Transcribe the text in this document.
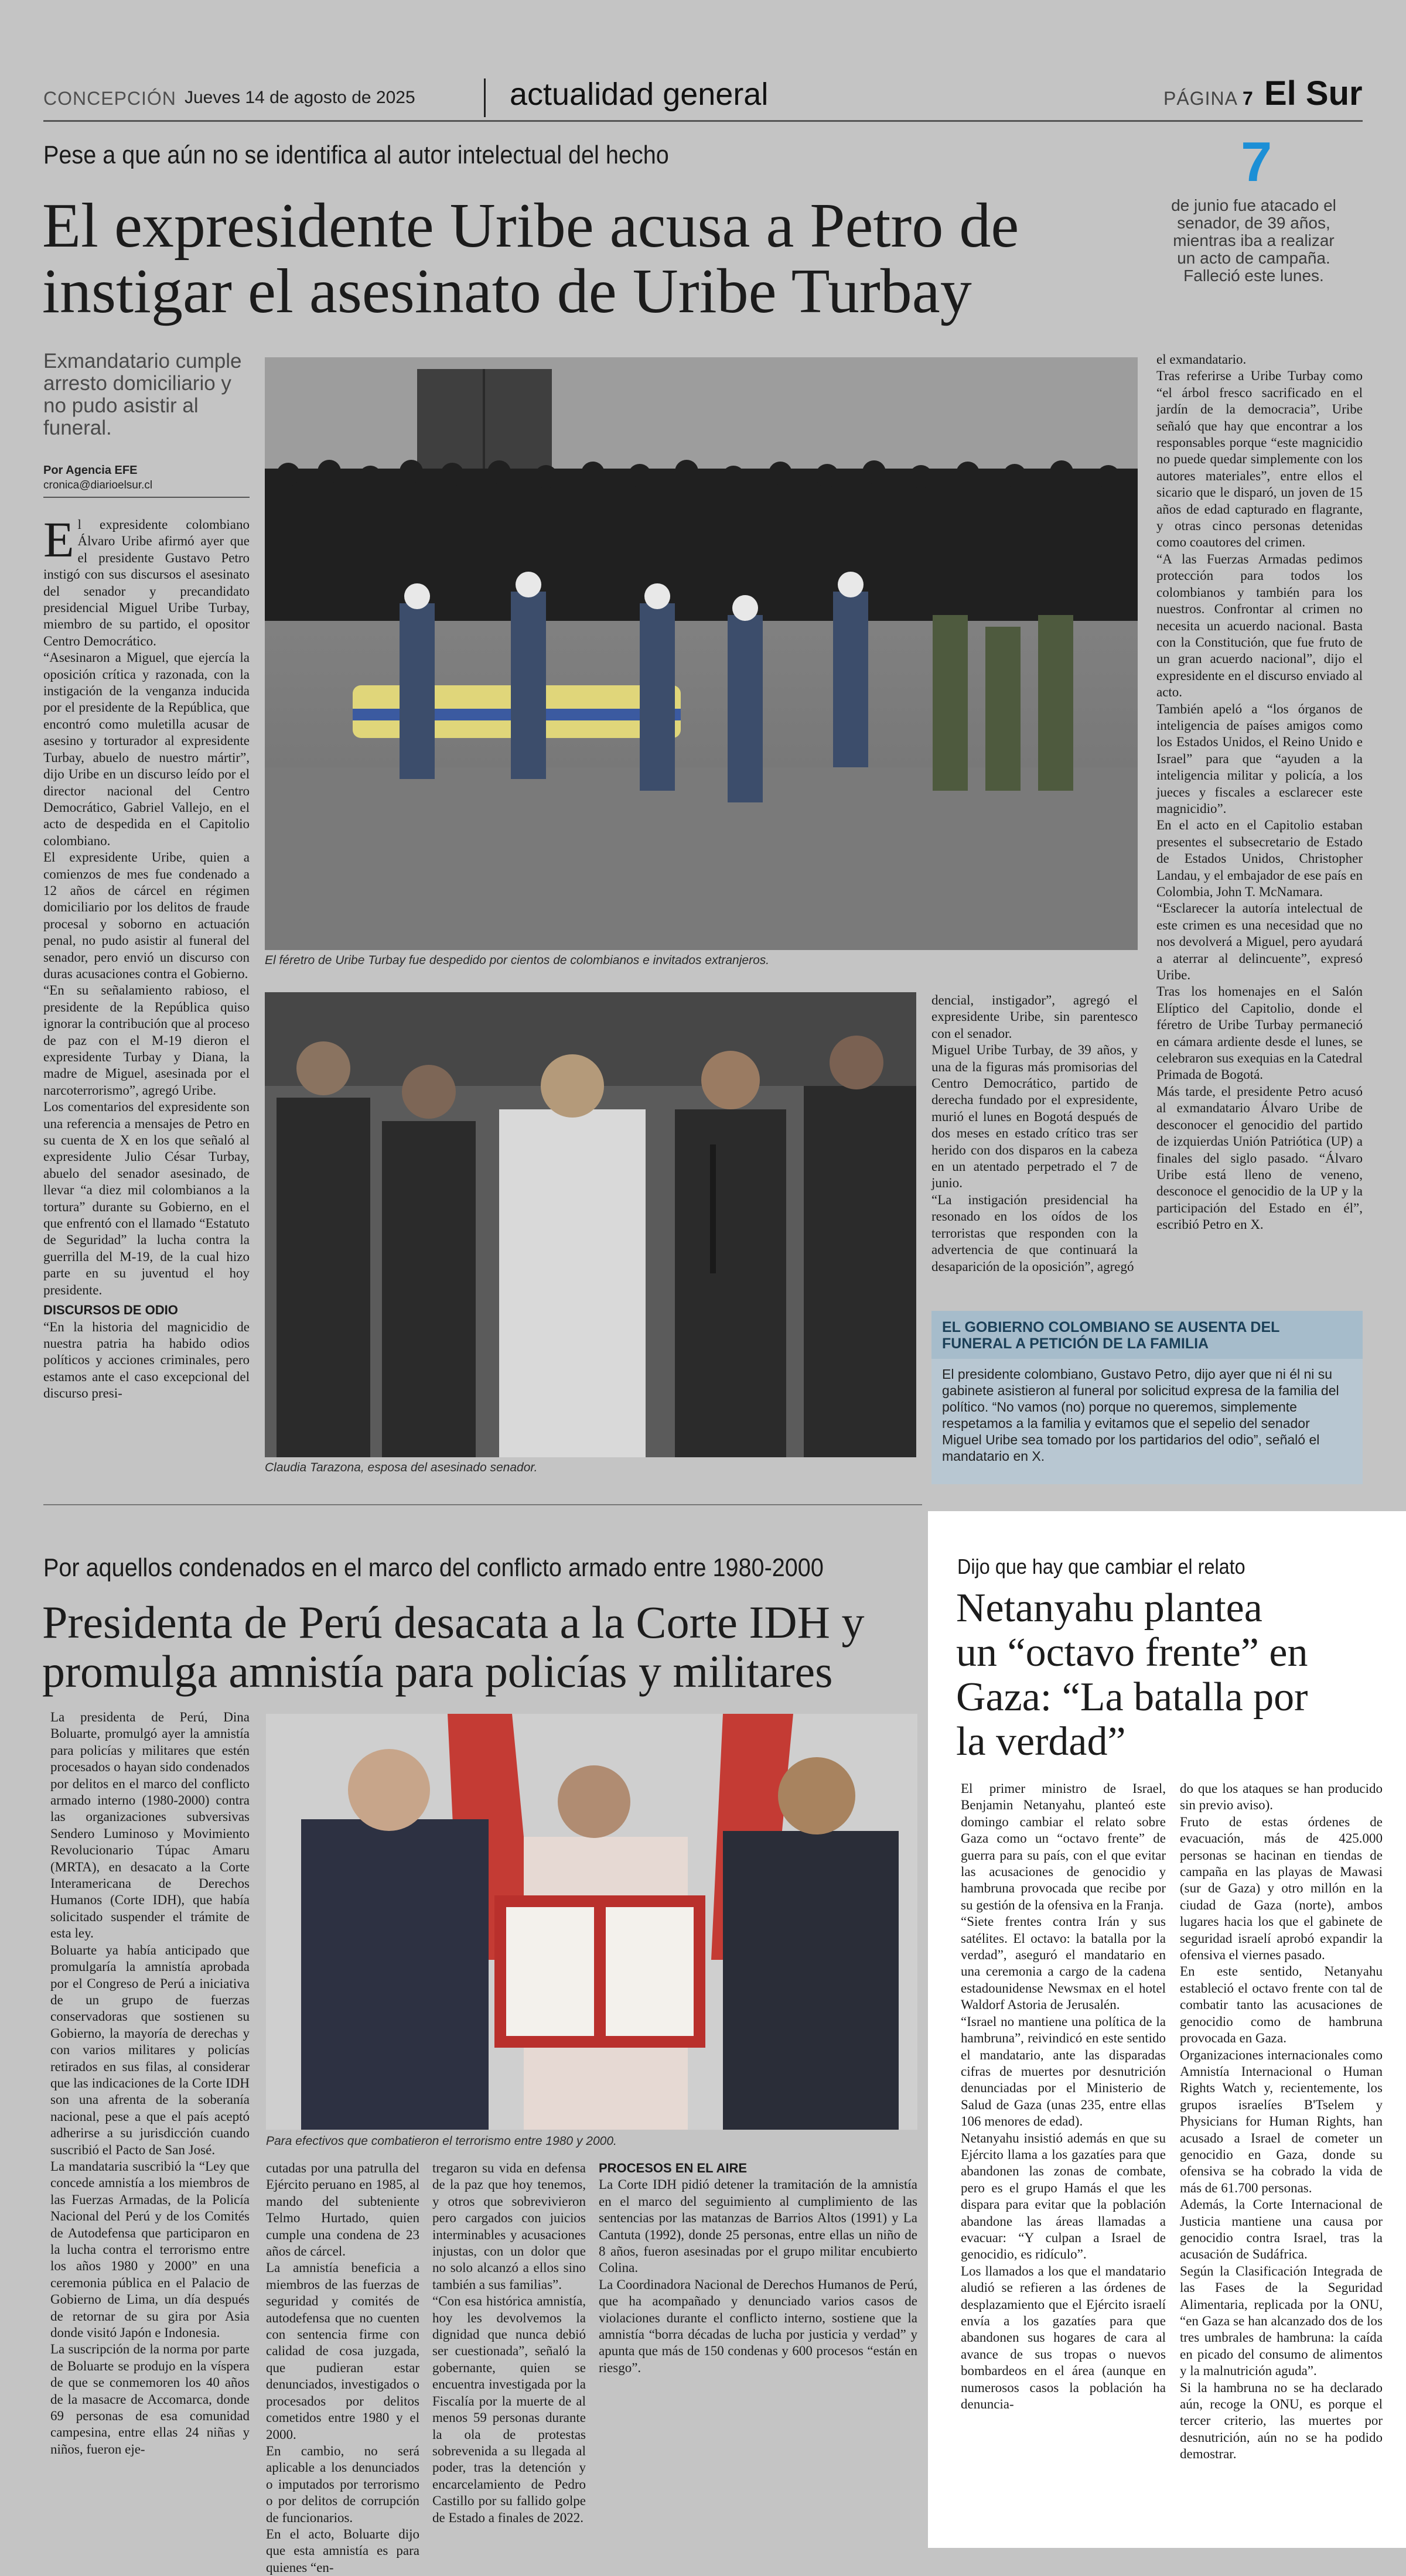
CONCEPCIÓN Jueves 14 de agosto de 2025	actualidad general	PÁGINA 7 El Sur
Pese a que aún no se identifica al autor intelectual del hecho
El expresidente Uribe acusa a Petro de
instigar el asesinato de Uribe Turbay
7
de junio fue atacado el senador, de 39 años, mientras iba a realizar un acto de campaña. Falleció este lunes.
Exmandatario cumple arresto domiciliario y no pudo asistir al funeral.
Por Agencia EFE
cronica@diarioelsur.cl

El expresidente colombiano Álvaro Uribe afirmó ayer que el presidente Gustavo Petro instigó con sus discursos el asesinato del senador y precandidato presidencial Miguel Uribe Turbay, miembro de su partido, el opositor Centro Democrático.

“Asesinaron a Miguel, que ejercía la oposición crítica y razonada, con la instigación de la venganza inducida por el presidente de la República, que encontró como muletilla acusar de asesino y torturador al expresidente Turbay, abuelo de nuestro mártir”, dijo Uribe en un discurso leído por el director nacional del Centro Democrático, Gabriel Vallejo, en el acto de despedida en el Capitolio colombiano.

El expresidente Uribe, quien a comienzos de mes fue condenado a 12 años de cárcel en régimen domiciliario por los delitos de fraude procesal y soborno en actuación penal, no pudo asistir al funeral del senador, pero envió un discurso con duras acusaciones contra el Gobierno.

“En su señalamiento rabioso, el presidente de la República quiso ignorar la contribución que al proceso de paz con el M-19 dieron el expresidente Turbay y Diana, la madre de Miguel, asesinada por el narcoterrorismo”, agregó Uribe.

Los comentarios del expresidente son una referencia a mensajes de Petro en su cuenta de X en los que señaló al expresidente Julio César Turbay, abuelo del senador asesinado, de llevar “a diez mil colombianos a la tortura” durante su Gobierno, en el que enfrentó con el llamado “Estatuto de Seguridad” la lucha contra la guerrilla del M-19, de la cual hizo parte en su juventud el hoy presidente.

DISCURSOS DE ODIO

“En la historia del magnicidio de nuestra patria ha habido odios políticos y acciones criminales, pero estamos ante el caso excepcional del discurso presi-

El féretro de Uribe Turbay fue despedido por cientos de colombianos e invitados extranjeros.
Claudia Tarazona, esposa del asesinado senador.

dencial, instigador”, agregó el expresidente Uribe, sin parentesco con el senador.

Miguel Uribe Turbay, de 39 años, y una de la figuras más promisorias del Centro Democrático, partido de derecha fundado por el expresidente, murió el lunes en Bogotá después de dos meses en estado crítico tras ser herido con dos disparos en la cabeza en un atentado perpetrado el 7 de junio.

“La instigación presidencial ha resonado en los oídos de los terroristas que responden con la advertencia de que continuará la desaparición de la oposición”, agregó

el exmandatario.

Tras referirse a Uribe Turbay como “el árbol fresco sacrificado en el jardín de la democracia”, Uribe señaló que hay que encontrar a los responsables porque “este magnicidio no puede quedar simplemente con los autores materiales”, entre ellos el sicario que le disparó, un joven de 15 años de edad capturado en flagrante, y otras cinco personas detenidas como coautores del crimen.

“A las Fuerzas Armadas pedimos protección para todos los colombianos y también para los nuestros. Confrontar al crimen no necesita un acuerdo nacional. Basta con la Constitución, que fue fruto de un gran acuerdo nacional”, dijo el expresidente en el discurso enviado al acto.

También apeló a “los órganos de inteligencia de países amigos como los Estados Unidos, el Reino Unido e Israel” para que “ayuden a la inteligencia militar y policía, a los jueces y fiscales a esclarecer este magnicidio”.

En el acto en el Capitolio estaban presentes el subsecretario de Estado de Estados Unidos, Christopher Landau, y el embajador de ese país en Colombia, John T. McNamara.

“Esclarecer la autoría intelectual de este crimen es una necesidad que no nos devolverá a Miguel, pero ayudará a aterrar al delincuente”, expresó Uribe.

Tras los homenajes en el Salón Elíptico del Capitolio, donde el féretro de Uribe Turbay permaneció en cámara ardiente desde el lunes, se celebraron sus exequias en la Catedral Primada de Bogotá.

Más tarde, el presidente Petro acusó al exmandatario Álvaro Uribe de desconocer el genocidio del partido de izquierdas Unión Patriótica (UP) a finales del siglo pasado. “Álvaro Uribe está lleno de veneno, desconoce el genocidio de la UP y la participación del Estado en él”, escribió Petro en X.

EL GOBIERNO COLOMBIANO SE AUSENTA DEL FUNERAL A PETICIÓN DE LA FAMILIA
El presidente colombiano, Gustavo Petro, dijo ayer que ni él ni su gabinete asistieron al funeral por solicitud expresa de la familia del político. “No vamos (no) porque no queremos, simplemente respetamos a la familia y evitamos que el sepelio del senador Miguel Uribe sea tomado por los partidarios del odio”, señaló el mandatario en X.
Por aquellos condenados en el marco del conflicto armado entre 1980-2000
Presidenta de Perú desacata a la Corte IDH y
promulga amnistía para policías y militares

La presidenta de Perú, Dina Boluarte, promulgó ayer la amnistía para policías y militares que estén procesados o hayan sido condenados por delitos en el marco del conflicto armado interno (1980-2000) contra las organizaciones subversivas Sendero Luminoso y Movimiento Revolucionario Túpac Amaru (MRTA), en desacato a la Corte Interamericana de Derechos Humanos (Corte IDH), que había solicitado suspender el trámite de esta ley.

Boluarte ya había anticipado que promulgaría la amnistía aprobada por el Congreso de Perú a iniciativa de un grupo de fuerzas conservadoras que sostienen su Gobierno, la mayoría de derechas y con varios militares y policías retirados en sus filas, al considerar que las indicaciones de la Corte IDH son una afrenta de la soberanía nacional, pese a que el país aceptó adherirse a su jurisdicción cuando suscribió el Pacto de San José.

La mandataria suscribió la “Ley que concede amnistía a los miembros de las Fuerzas Armadas, de la Policía Nacional del Perú y de los Comités de Autodefensa que participaron en la lucha contra el terrorismo entre los años 1980 y 2000” en una ceremonia pública en el Palacio de Gobierno de Lima, un día después de retornar de su gira por Asia donde visitó Japón e Indonesia.

La suscripción de la norma por parte de Boluarte se produjo en la víspera de que se conmemoren los 40 años de la masacre de Accomarca, donde 69 personas de esa comunidad campesina, entre ellas 24 niñas y niños, fueron eje-

Para efectivos que combatieron el terrorismo entre 1980 y 2000.

cutadas por una patrulla del Ejército peruano en 1985, al mando del subteniente Telmo Hurtado, quien cumple una condena de 23 años de cárcel.

La amnistía beneficia a miembros de las fuerzas de seguridad y comités de autodefensa que no cuenten con sentencia firme con calidad de cosa juzgada, que pudieran estar denunciados, investigados o procesados por delitos cometidos entre 1980 y el 2000.

En cambio, no será aplicable a los denunciados o imputados por terrorismo o por delitos de corrupción de funcionarios.

En el acto, Boluarte dijo que esta amnistía es para quienes “en-

tregaron su vida en defensa de la paz que hoy tenemos, y otros que sobrevivieron pero cargados con juicios interminables y acusaciones injustas, con un dolor que no solo alcanzó a ellos sino también a sus familias”.

“Con esa histórica amnistía, hoy les devolvemos la dignidad que nunca debió ser cuestionada”, señaló la gobernante, quien se encuentra investigada por la Fiscalía por la muerte de al menos 59 personas durante la ola de protestas sobrevenida a su llegada al poder, tras la detención y encarcelamiento de Pedro Castillo por su fallido golpe de Estado a finales de 2022.

PROCESOS EN EL AIRE

La Corte IDH pidió detener la tramitación de la amnistía en el marco del seguimiento al cumplimiento de las sentencias por las matanzas de Barrios Altos (1991) y La Cantuta (1992), donde 25 personas, entre ellas un niño de 8 años, fueron asesinadas por el grupo militar encubierto Colina.

La Coordinadora Nacional de Derechos Humanos de Perú, que ha acompañado y denunciado varios casos de violaciones durante el conflicto interno, sostiene que la amnistía “borra décadas de lucha por justicia y verdad” y apunta que más de 150 condenas y 600 procesos “están en riesgo”.

Dijo que hay que cambiar el relato
Netanyahu plantea
un “octavo frente” en
Gaza: “La batalla por
la verdad”

El primer ministro de Israel, Benjamin Netanyahu, planteó este domingo cambiar el relato sobre Gaza como un “octavo frente” de guerra para su país, con el que evitar las acusaciones de genocidio y hambruna provocada que recibe por su gestión de la ofensiva en la Franja.

“Siete frentes contra Irán y sus satélites. El octavo: la batalla por la verdad”, aseguró el mandatario en una ceremonia a cargo de la cadena estadounidense Newsmax en el hotel Waldorf Astoria de Jerusalén.

“Israel no mantiene una política de la hambruna”, reivindicó en este sentido el mandatario, ante las disparadas cifras de muertes por desnutrición denunciadas por el Ministerio de Salud de Gaza (unas 235, entre ellas 106 menores de edad).

Netanyahu insistió además en que su Ejército llama a los gazatíes para que abandonen las zonas de combate, pero es el grupo Hamás el que les dispara para evitar que la población abandone las áreas llamadas a evacuar: “Y culpan a Israel de genocidio, es ridículo”.

Los llamados a los que el mandatario aludió se refieren a las órdenes de desplazamiento que el Ejército israelí envía a los gazatíes para que abandonen sus hogares de cara al avance de sus tropas o nuevos bombardeos en el área (aunque en numerosos casos la población ha denuncia-

do que los ataques se han producido sin previo aviso).

Fruto de estas órdenes de evacuación, más de 425.000 personas se hacinan en tiendas de campaña en las playas de Mawasi (sur de Gaza) y otro millón en la ciudad de Gaza (norte), ambos lugares hacia los que el gabinete de seguridad israelí aprobó expandir la ofensiva el viernes pasado.

En este sentido, Netanyahu estableció el octavo frente con tal de combatir tanto las acusaciones de genocidio como de hambruna provocada en Gaza.

Organizaciones internacionales como Amnistía Internacional o Human Rights Watch y, recientemente, los grupos israelíes B'Tselem y Physicians for Human Rights, han acusado a Israel de cometer un genocidio en Gaza, donde su ofensiva se ha cobrado la vida de más de 61.700 personas.

Además, la Corte Internacional de Justicia mantiene una causa por genocidio contra Israel, tras la acusación de Sudáfrica.

Según la Clasificación Integrada de las Fases de la Seguridad Alimentaria, replicada por la ONU, “en Gaza se han alcanzado dos de los tres umbrales de hambruna: la caída en picado del consumo de alimentos y la malnutrición aguda”.

Si la hambruna no se ha declarado aún, recoge la ONU, es porque el tercer criterio, las muertes por desnutrición, aún no se ha podido demostrar.
